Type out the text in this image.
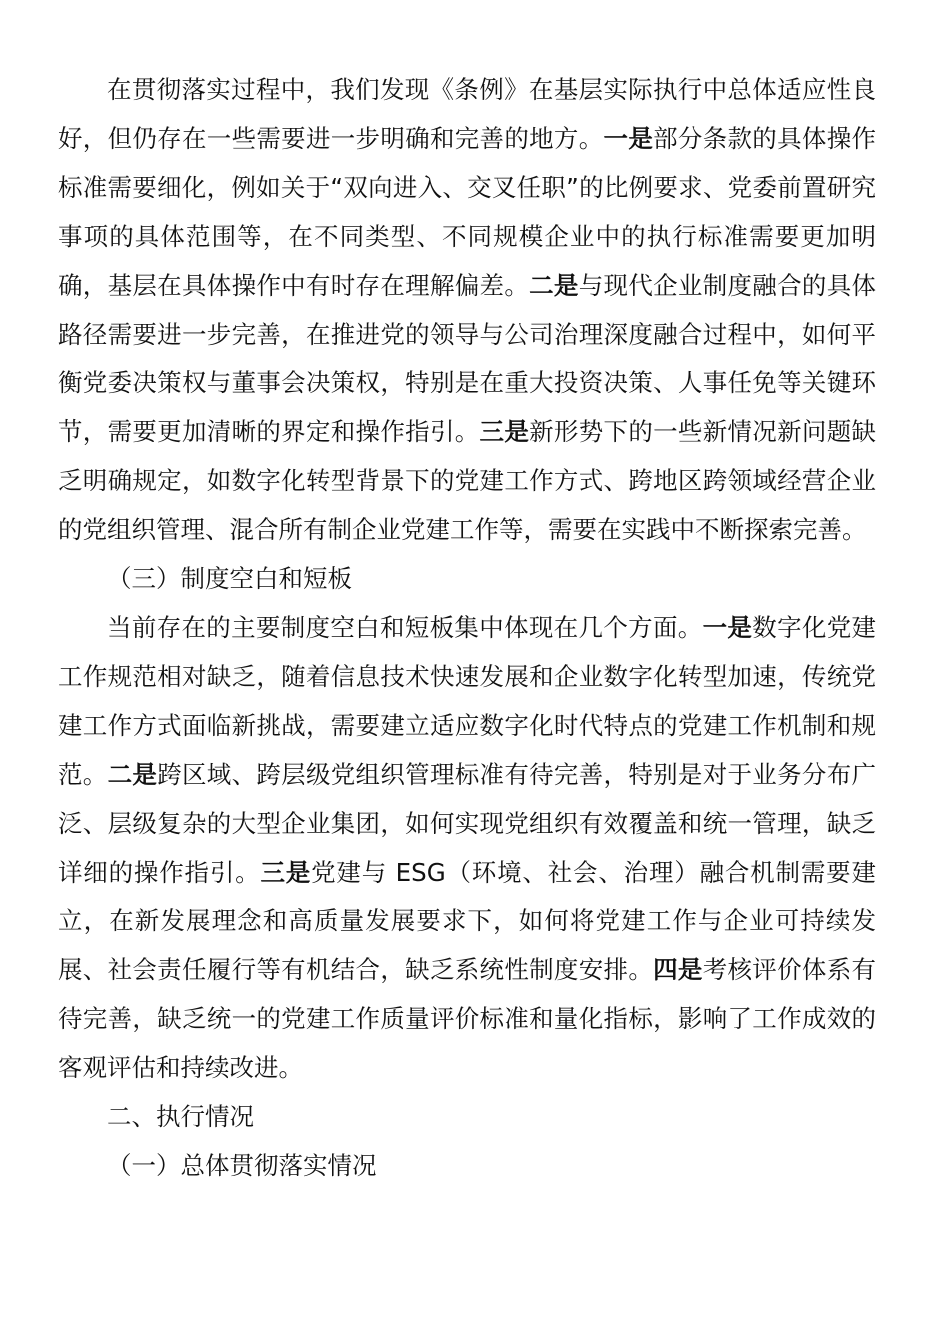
在贯彻落实过程中，我们发现《条例》在基层实际执行中总体适应性良好，但仍存在一些需要进一步明确和完善的地方。一是部分条款的具体操作标准需要细化，例如关于“双向进入、交叉任职”的比例要求、党委前置研究事项的具体范围等，在不同类型、不同规模企业中的执行标准需要更加明确，基层在具体操作中有时存在理解偏差。二是与现代企业制度融合的具体路径需要进一步完善，在推进党的领导与公司治理深度融合过程中，如何平衡党委决策权与董事会决策权，特别是在重大投资决策、人事任免等关键环节，需要更加清晰的界定和操作指引。三是新形势下的一些新情况新问题缺乏明确规定，如数字化转型背景下的党建工作方式、跨地区跨领域经营企业的党组织管理、混合所有制企业党建工作等，需要在实践中不断探索完善。

（三）制度空白和短板

当前存在的主要制度空白和短板集中体现在几个方面。一是数字化党建工作规范相对缺乏，随着信息技术快速发展和企业数字化转型加速，传统党建工作方式面临新挑战，需要建立适应数字化时代特点的党建工作机制和规范。二是跨区域、跨层级党组织管理标准有待完善，特别是对于业务分布广泛、层级复杂的大型企业集团，如何实现党组织有效覆盖和统一管理，缺乏详细的操作指引。三是党建与 ESG（环境、社会、治理）融合机制需要建立，在新发展理念和高质量发展要求下，如何将党建工作与企业可持续发展、社会责任履行等有机结合，缺乏系统性制度安排。四是考核评价体系有待完善，缺乏统一的党建工作质量评价标准和量化指标，影响了工作成效的客观评估和持续改进。

二、执行情况

（一）总体贯彻落实情况
